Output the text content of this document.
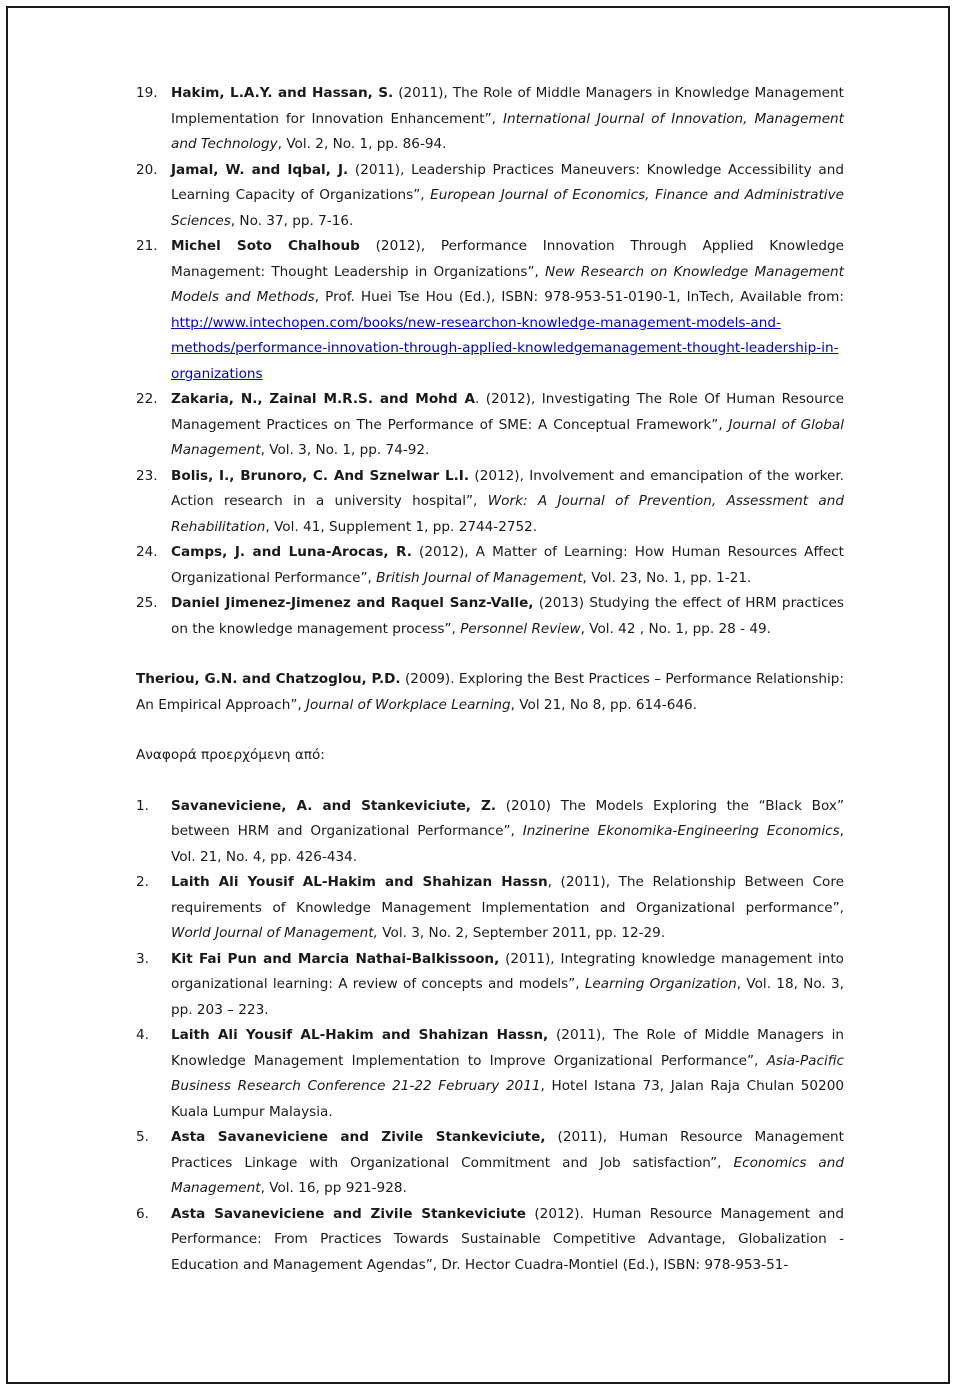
19. Hakim, L.A.Y. and Hassan, S. (2011), The Role of Middle Managers in Knowledge Management Implementation for Innovation Enhancement”, International Journal of Innovation, Management and Technology, Vol. 2, No. 1, pp. 86-94.
20. Jamal, W. and Iqbal, J. (2011), Leadership Practices Maneuvers: Knowledge Accessibility and Learning Capacity of Organizations”, European Journal of Economics, Finance and Administrative Sciences, No. 37, pp. 7-16.
21. Michel Soto Chalhoub (2012), Performance Innovation Through Applied Knowledge Management: Thought Leadership in Organizations”, New Research on Knowledge Management Models and Methods, Prof. Huei Tse Hou (Ed.), ISBN: 978-953-51-0190-1, InTech, Available from: http://www.intechopen.com/books/new-researchon-knowledge-management-models-and-methods/performance-innovation-through-applied-knowledgemanagement-thought-leadership-in-organizations
22. Zakaria, N., Zainal M.R.S. and Mohd A. (2012), Investigating The Role Of Human Resource Management Practices on The Performance of SME: A Conceptual Framework”, Journal of Global Management, Vol. 3, No. 1, pp. 74-92.
23. Bolis, I., Brunoro, C. And Sznelwar L.I. (2012), Involvement and emancipation of the worker. Action research in a university hospital”, Work: A Journal of Prevention, Assessment and Rehabilitation, Vol. 41, Supplement 1, pp. 2744-2752.
24. Camps, J. and Luna-Arocas, R. (2012), A Matter of Learning: How Human Resources Affect Organizational Performance”, British Journal of Management, Vol. 23, No. 1, pp. 1-21.
25. Daniel Jimenez-Jimenez and Raquel Sanz-Valle, (2013) Studying the effect of HRM practices on the knowledge management process”, Personnel Review, Vol. 42 , No. 1, pp. 28 - 49.
Theriou, G.N. and Chatzoglou, P.D. (2009). Exploring the Best Practices – Performance Relationship: An Empirical Approach”, Journal of Workplace Learning, Vol 21, No 8, pp. 614-646.
Αναφορά προερχόμενη από:
1.	Savaneviciene, A. and Stankeviciute, Z. (2010) The Models Exploring the “Black Box” between HRM and Organizational Performance”, Inzinerine Ekonomika-Engineering Economics, Vol. 21, No. 4, pp. 426-434.
2.	Laith Ali Yousif AL-Hakim and Shahizan Hassn, (2011), The Relationship Between Core requirements of Knowledge Management Implementation and Organizational performance”, World Journal of Management, Vol. 3, No. 2, September 2011, pp. 12-29.
3.	Kit Fai Pun and Marcia Nathai-Balkissoon, (2011), Integrating knowledge management into organizational learning: A review of concepts and models”, Learning Organization, Vol. 18, No. 3, pp. 203 – 223.
4.	Laith Ali Yousif AL-Hakim and Shahizan Hassn, (2011), The Role of Middle Managers in Knowledge Management Implementation to Improve Organizational Performance”, Asia-Pacific Business Research Conference 21-22 February 2011, Hotel Istana 73, Jalan Raja Chulan 50200 Kuala Lumpur Malaysia.
5.	Asta Savaneviciene and Zivile Stankeviciute, (2011), Human Resource Management Practices Linkage with Organizational Commitment and Job satisfaction”, Economics and Management, Vol. 16, pp 921-928.
6.	Asta Savaneviciene and Zivile Stankeviciute (2012). Human Resource Management and Performance: From Practices Towards Sustainable Competitive Advantage, Globalization - Education and Management Agendas”, Dr. Hector Cuadra-Montiel (Ed.), ISBN: 978-953-51-
